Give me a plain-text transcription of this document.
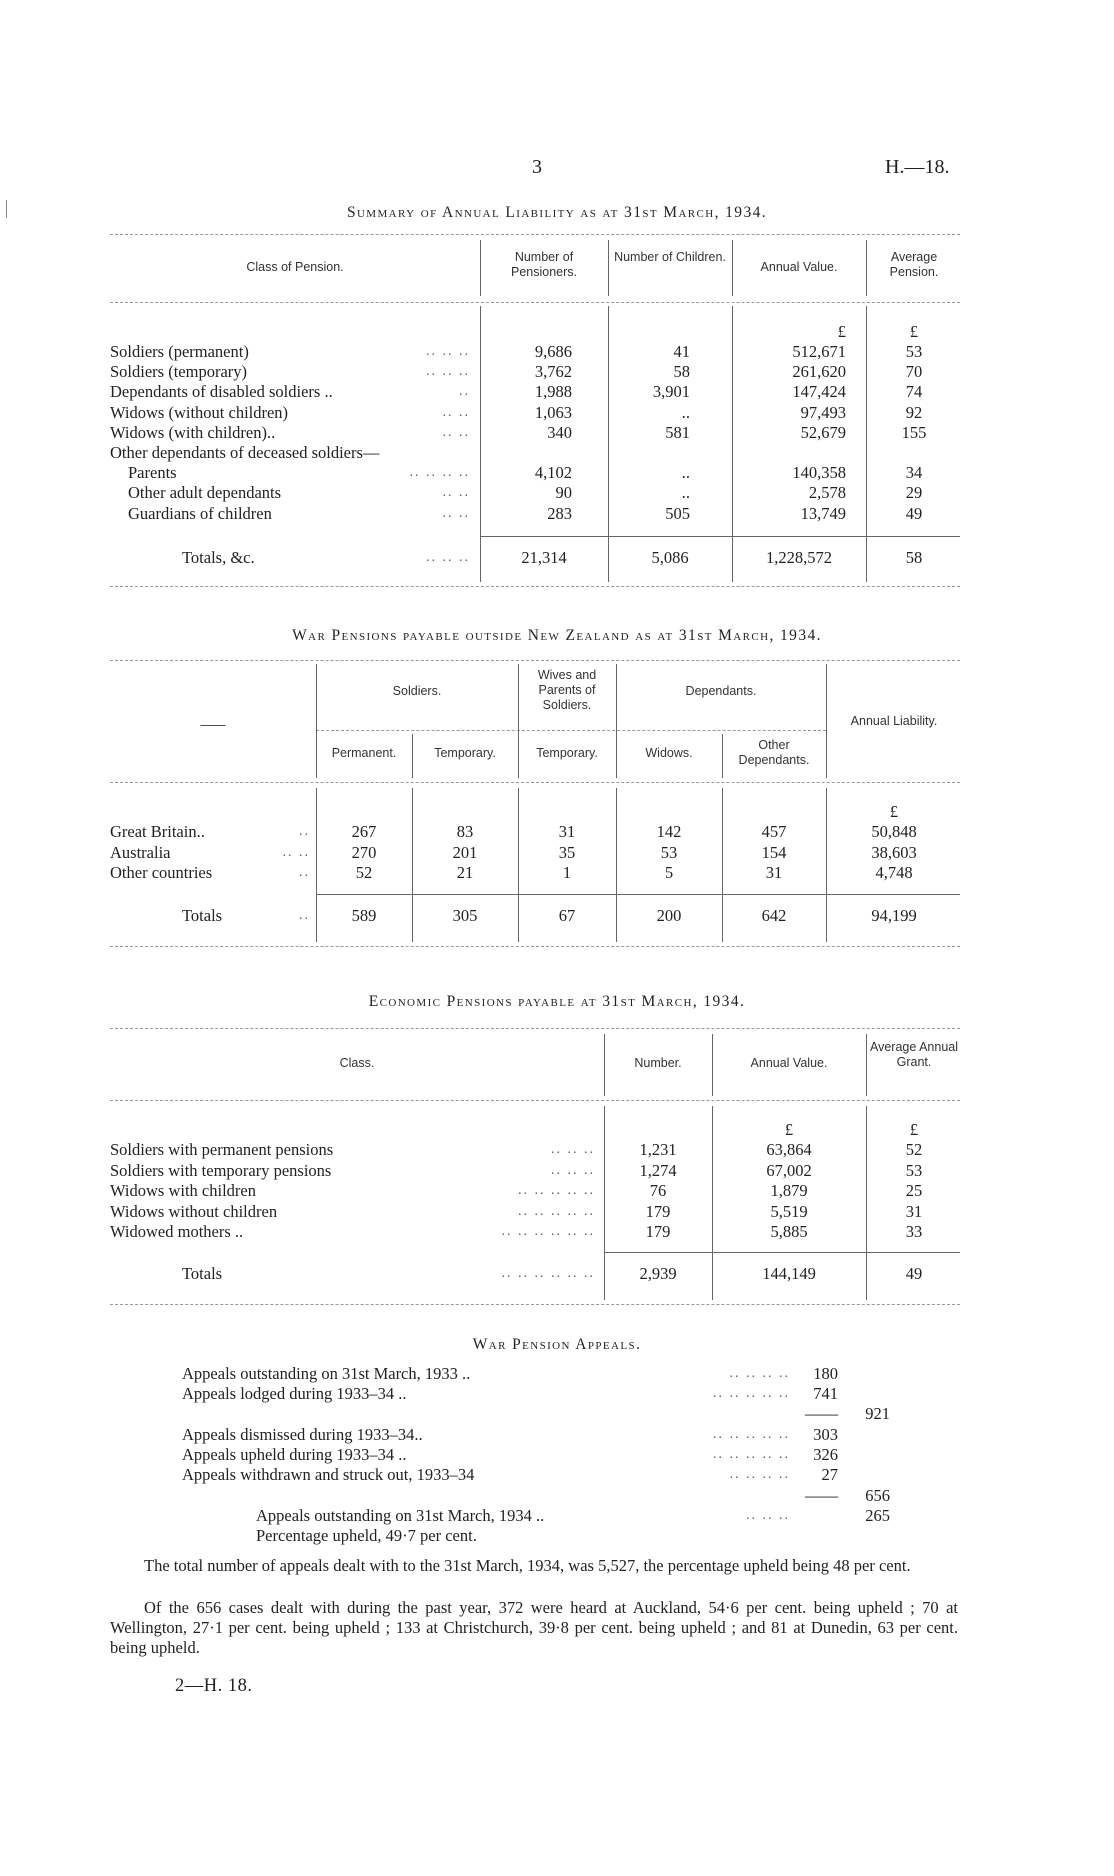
3	H.—18.
Summary of Annual Liability as at 31st March, 1934.
Class of Pension.
Number of Pensioners.
Number of Children.
Annual Value.
Average Pension.
£	£
Soldiers (permanent)	.. .. ..	9,686	41	512,671	53
Soldiers (temporary)	.. .. ..	3,762	58	261,620	70
Dependants of disabled soldiers ..	..	1,988	3,901	147,424	74
Widows (without children)	.. ..	1,063	..	97,493	92
Widows (with children)..	.. ..	340	581	52,679	155
Other dependants of deceased soldiers—
Parents	.. .. .. ..	4,102	..	140,358	34
Other adult dependants	.. ..	90	..	2,578	29
Guardians of children	.. ..	283	505	13,749	49
Totals, &c.	.. .. ..	21,314	5,086	1,228,572	58
War Pensions payable outside New Zealand as at 31st March, 1934.
——
Soldiers.
Wives and Parents of Soldiers.
Dependants.
Annual Liability.
Permanent.	Temporary.	Temporary.	Widows.
Other Dependants.
£
Great Britain..	..	267	83	31	142	457	50,848
Australia	.. ..	270	201	35	53	154	38,603
Other countries	..	52	21	1	5	31	4,748
Totals	..	589	305	67	200	642	94,199
Economic Pensions payable at 31st March, 1934.
Class.	Number.	Annual Value.
Average Annual Grant.
£	£
Soldiers with permanent pensions	.. .. ..	1,231	63,864	52
Soldiers with temporary pensions	.. .. ..	1,274	67,002	53
Widows with children	.. .. .. .. ..	76	1,879	25
Widows without children	.. .. .. .. ..	179	5,519	31
Widowed mothers ..	.. .. .. .. .. ..	179	5,885	33
Totals	.. .. .. .. .. ..	2,939	144,149	49
War Pension Appeals.
Appeals outstanding on 31st March, 1933 ..	.. .. .. ..	180
Appeals lodged during 1933–34 ..	.. .. .. .. ..	741
——	921
Appeals dismissed during 1933–34..	.. .. .. .. ..	303
Appeals upheld during 1933–34 ..	.. .. .. .. ..	326
Appeals withdrawn and struck out, 1933–34	.. .. .. ..	27
——	656
Appeals outstanding on 31st March, 1934 ..	.. .. ..	265
Percentage upheld, 49·7 per cent.
The total number of appeals dealt with to the 31st March, 1934, was 5,527, the percentage upheld being 48 per cent.
Of the 656 cases dealt with during the past year, 372 were heard at Auckland, 54·6 per cent. being upheld ; 70 at Wellington, 27·1 per cent. being upheld ; 133 at Christchurch, 39·8 per cent. being upheld ; and 81 at Dunedin, 63 per cent. being upheld.
2—H. 18.
